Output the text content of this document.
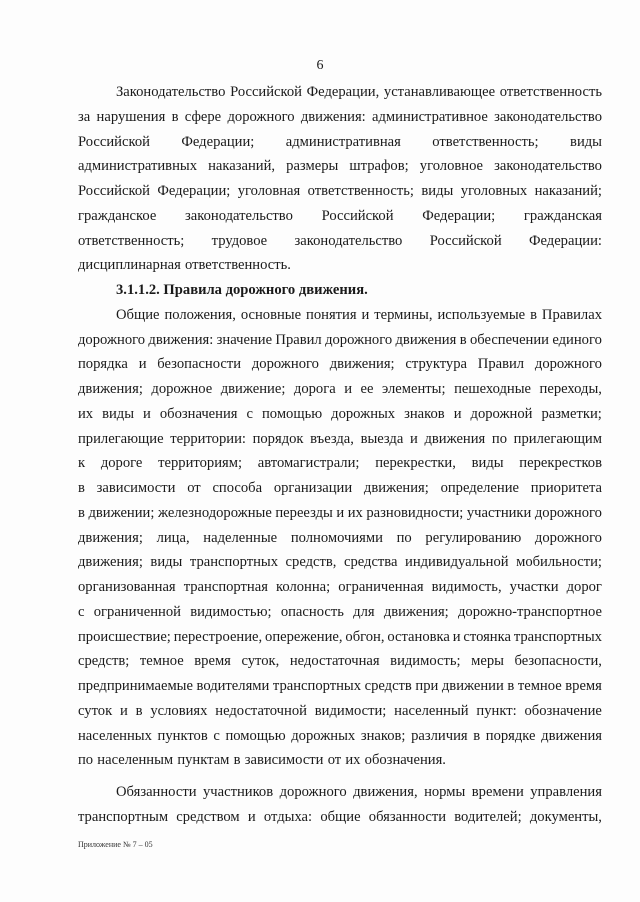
6
Законодательство Российской Федерации, устанавливающее ответственность
за нарушения в сфере дорожного движения: административное законодательство
Российской Федерации; административная ответственность; виды
административных наказаний, размеры штрафов; уголовное законодательство
Российской Федерации; уголовная ответственность; виды уголовных наказаний;
гражданское законодательство Российской Федерации; гражданская
ответственность; трудовое законодательство Российской Федерации:
дисциплинарная ответственность.
3.1.1.2. Правила дорожного движения.
Общие положения, основные понятия и термины, используемые в Правилах
дорожного движения: значение Правил дорожного движения в обеспечении единого
порядка и безопасности дорожного движения; структура Правил дорожного
движения; дорожное движение; дорога и ее элементы; пешеходные переходы,
их виды и обозначения с помощью дорожных знаков и дорожной разметки;
прилегающие территории: порядок въезда, выезда и движения по прилегающим
к дороге территориям; автомагистрали; перекрестки, виды перекрестков
в зависимости от способа организации движения; определение приоритета
в движении; железнодорожные переезды и их разновидности; участники дорожного
движения; лица, наделенные полномочиями по регулированию дорожного
движения; виды транспортных средств, средства индивидуальной мобильности;
организованная транспортная колонна; ограниченная видимость, участки дорог
с ограниченной видимостью; опасность для движения; дорожно-транспортное
происшествие; перестроение, опережение, обгон, остановка и стоянка транспортных
средств; темное время суток, недостаточная видимость; меры безопасности,
предпринимаемые водителями транспортных средств при движении в темное время
суток и в условиях недостаточной видимости; населенный пункт: обозначение
населенных пунктов с помощью дорожных знаков; различия в порядке движения
по населенным пунктам в зависимости от их обозначения.
Обязанности участников дорожного движения, нормы времени управления
транспортным средством и отдыха: общие обязанности водителей; документы,
Приложение № 7 – 05
